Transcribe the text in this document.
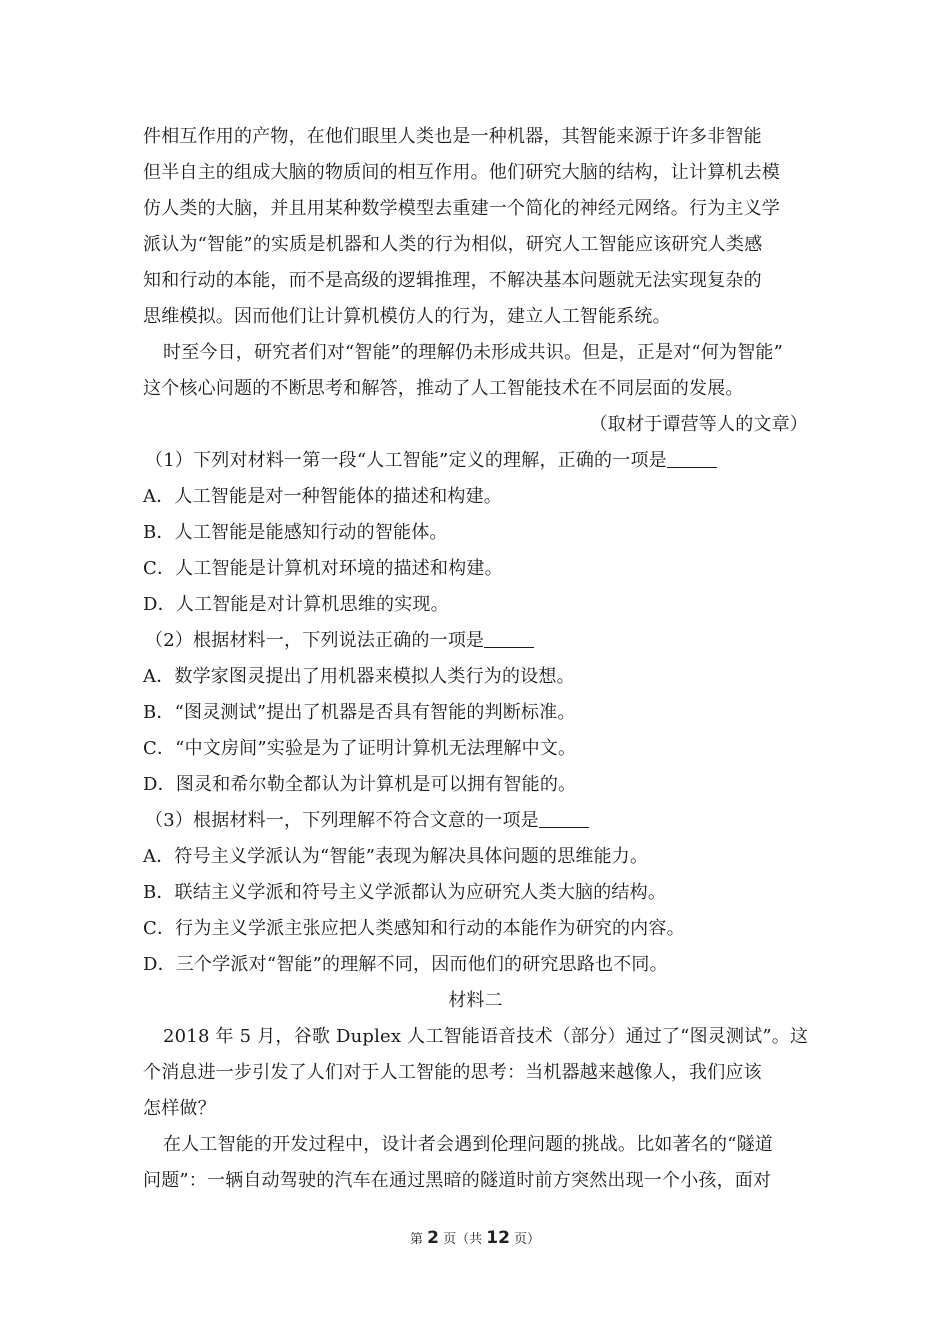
件相互作用的产物，在他们眼里人类也是一种机器，其智能来源于许多非智能
但半自主的组成大脑的物质间的相互作用。他们研究大脑的结构，让计算机去模
仿人类的大脑，并且用某种数学模型去重建一个简化的神经元网络。行为主义学
派认为“智能”的实质是机器和人类的行为相似，研究人工智能应该研究人类感
知和行动的本能，而不是高级的逻辑推理，不解决基本问题就无法实现复杂的
思维模拟。因而他们让计算机模仿人的行为，建立人工智能系统。
时至今日，研究者们对“智能”的理解仍未形成共识。但是，正是对“何为智能”
这个核心问题的不断思考和解答，推动了人工智能技术在不同层面的发展。
（取材于谭营等人的文章）
（1）下列对材料一第一段“人工智能”定义的理解，正确的一项是
A．人工智能是对一种智能体的描述和构建。
B．人工智能是能感知行动的智能体。
C．人工智能是计算机对环境的描述和构建。
D．人工智能是对计算机思维的实现。
（2）根据材料一，下列说法正确的一项是
A．数学家图灵提出了用机器来模拟人类行为的设想。
B．“图灵测试”提出了机器是否具有智能的判断标准。
C．“中文房间”实验是为了证明计算机无法理解中文。
D．图灵和希尔勒全都认为计算机是可以拥有智能的。
（3）根据材料一，下列理解不符合文意的一项是
A．符号主义学派认为“智能”表现为解决具体问题的思维能力。
B．联结主义学派和符号主义学派都认为应研究人类大脑的结构。
C．行为主义学派主张应把人类感知和行动的本能作为研究的内容。
D．三个学派对“智能”的理解不同，因而他们的研究思路也不同。
材料二
2018 年 5 月，谷歌 Duplex 人工智能语音技术（部分）通过了“图灵测试”。这
个消息进一步引发了人们对于人工智能的思考：当机器越来越像人，我们应该
怎样做？
在人工智能的开发过程中，设计者会遇到伦理问题的挑战。比如著名的“隧道
问题”：一辆自动驾驶的汽车在通过黑暗的隧道时前方突然出现一个小孩，面对
第 2 页（共 12 页）
